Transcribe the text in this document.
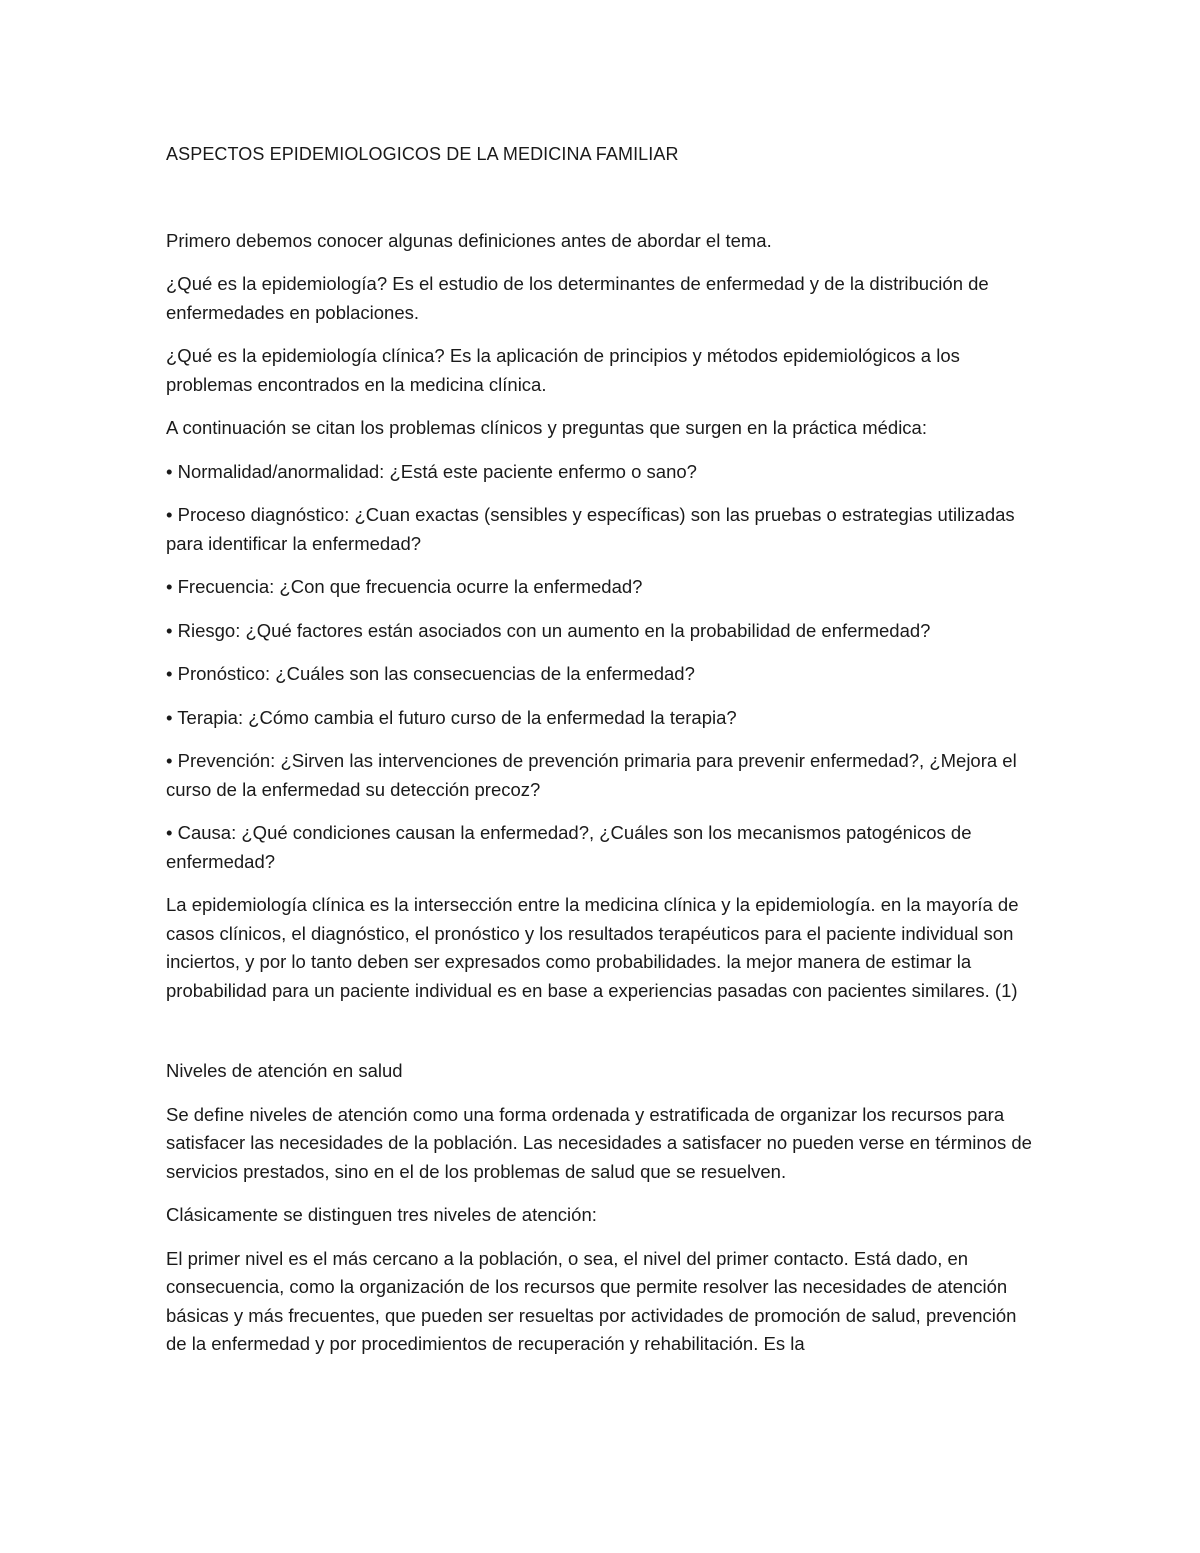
ASPECTOS EPIDEMIOLOGICOS DE LA MEDICINA FAMILIAR

Primero debemos conocer algunas definiciones antes de abordar el tema.

¿Qué es la epidemiología? Es el estudio de los determinantes de enfermedad y de la distribución de enfermedades en poblaciones.

¿Qué es la epidemiología clínica? Es la aplicación de principios y métodos epidemiológicos a los problemas encontrados en la medicina clínica.

A continuación se citan los problemas clínicos y preguntas que surgen en la práctica médica:

• Normalidad/anormalidad: ¿Está este paciente enfermo o sano?

• Proceso diagnóstico: ¿Cuan exactas (sensibles y específicas) son las pruebas o estrategias utilizadas para identificar la enfermedad?

• Frecuencia: ¿Con que frecuencia ocurre la enfermedad?

• Riesgo: ¿Qué factores están asociados con un aumento en la probabilidad de enfermedad?

• Pronóstico: ¿Cuáles son las consecuencias de la enfermedad?

• Terapia: ¿Cómo cambia el futuro curso de la enfermedad la terapia?

• Prevención: ¿Sirven las intervenciones de prevención primaria para prevenir enfermedad?, ¿Mejora el curso de la enfermedad su detección precoz?

• Causa: ¿Qué condiciones causan la enfermedad?, ¿Cuáles son los mecanismos patogénicos de enfermedad?

La epidemiología clínica es la intersección entre la medicina clínica y la epidemiología. en la mayoría de casos clínicos, el diagnóstico, el pronóstico y los resultados terapéuticos para el paciente individual son inciertos, y por lo tanto deben ser expresados como probabilidades. la mejor manera de estimar la probabilidad para un paciente individual es en base a experiencias pasadas con pacientes similares. (1)

Niveles de atención en salud

Se define niveles de atención como una forma ordenada y estratificada de organizar los recursos para satisfacer las necesidades de la población. Las necesidades a satisfacer no pueden verse en términos de servicios prestados, sino en el de los problemas de salud que se resuelven.

Clásicamente se distinguen tres niveles de atención:

El primer nivel es el más cercano a la población, o sea, el nivel del primer contacto. Está dado, en consecuencia, como la organización de los recursos que permite resolver las necesidades de atención básicas y más frecuentes, que pueden ser resueltas por actividades de promoción de salud, prevención de la enfermedad y por procedimientos de recuperación y rehabilitación. Es la
